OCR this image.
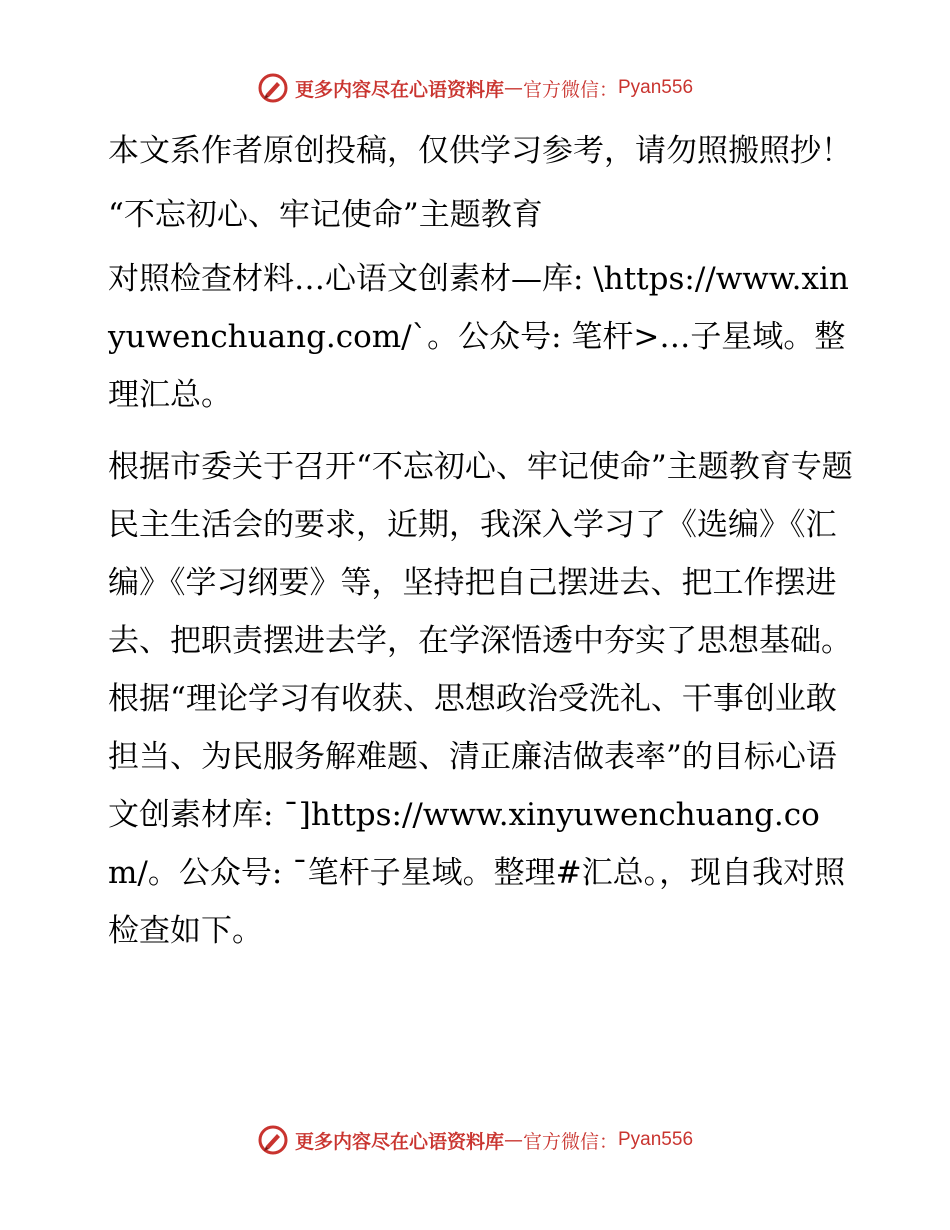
更多内容尽在心语资料库 — 官方微信： Pyan556

本文系作者原创投稿，仅供学习参考，请勿照搬照抄！

“不忘初心、牢记使命”主题教育

对照检查材料…心语文创素材—库: \https://www.xinyuwenchuang.com/`。公众号: 笔杆>…子星域。整理汇总。

根据市委关于召开“不忘初心、牢记使命”主题教育专题民主生活会的要求，近期，我深入学习了《选编》《汇编》《学习纲要》等，坚持把自己摆进去、把工作摆进去、把职责摆进去学，在学深悟透中夯实了思想基础。根据“理论学习有收获、思想政治受洗礼、干事创业敢担当、为民服务解难题、清正廉洁做表率”的目标心语文创素材库: ¯]https://www.xinyuwenchuang.com/。公众号: ¯笔杆子星域。整理#汇总。，现自我对照检查如下。

更多内容尽在心语资料库 — 官方微信： Pyan556
